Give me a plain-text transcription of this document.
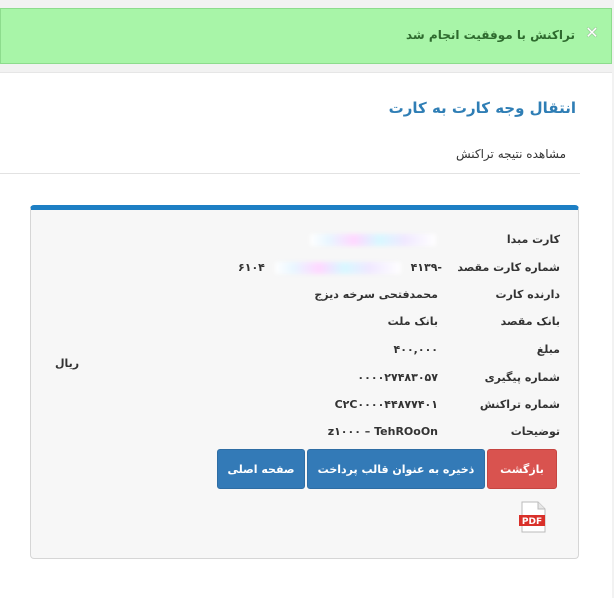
تراکنش با موفقیت انجام شد ✕
انتقال وجه کارت به کارت
مشاهده نتیجه تراکنش
کارت مبدا
شماره کارت مقصد
۶۱۰۴	۴۱۳۹-
دارنده کارت
محمدفتحی سرخه دیزج
بانک مقصد
بانک ملت
مبلغ
۴۰۰,۰۰۰
شماره پیگیری
۰۰۰۰۲۷۴۸۳۰۵۷
شماره تراکنش
C۲C۰۰۰۰۴۴۸۷۷۴۰۱
توضیحات
z۱۰۰۰ – TehROoOn
ریال
بازگشت
ذخیره به عنوان قالب پرداخت
صفحه اصلی
PDF
